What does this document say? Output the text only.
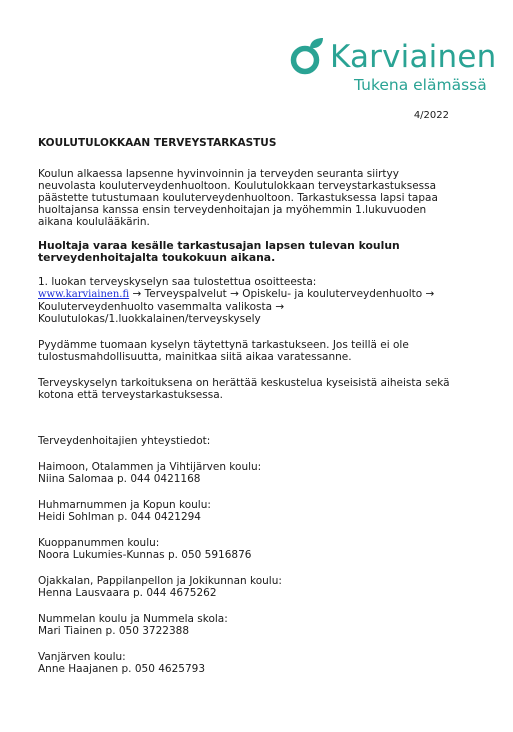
Karviainen
Tukena elämässä
4/2022
KOULUTULOKKAAN TERVEYSTARKASTUS

Koulun alkaessa lapsenne hyvinvoinnin ja terveyden seuranta siirtyy
neuvolasta kouluterveydenhuoltoon. Koulutulokkaan terveystarkastuksessa
päästette tutustumaan kouluterveydenhuoltoon. Tarkastuksessa lapsi tapaa
huoltajansa kanssa ensin terveydenhoitajan ja myöhemmin 1.lukuvuoden
aikana koululääkärin.

Huoltaja varaa kesälle tarkastusajan lapsen tulevan koulun
terveydenhoitajalta toukokuun aikana.

1. luokan terveyskyselyn saa tulostettua osoitteesta:

www.karviainen.fi → Terveyspalvelut → Opiskelu- ja kouluterveydenhuolto →

Kouluterveydenhuolto vasemmalta valikosta →
Koulutulokas/1.luokkalainen/terveyskysely

Pyydämme tuomaan kyselyn täytettynä tarkastukseen. Jos teillä ei ole
tulostusmahdollisuutta, mainitkaa siitä aikaa varatessanne.

Terveyskyselyn tarkoituksena on herättää keskustelua kyseisistä aiheista sekä
kotona että terveystarkastuksessa.

Terveydenhoitajien yhteystiedot:

Haimoon, Otalammen ja Vihtijärven koulu:

Niina Salomaa p. 044 0421168

Huhmarnummen ja Kopun koulu:

Heidi Sohlman p. 044 0421294

Kuoppanummen koulu:

Noora Lukumies-Kunnas p. 050 5916876

Ojakkalan, Pappilanpellon ja Jokikunnan koulu:

Henna Lausvaara p. 044 4675262

Nummelan koulu ja Nummela skola:

Mari Tiainen p. 050 3722388

Vanjärven koulu:

Anne Haajanen p. 050 4625793
